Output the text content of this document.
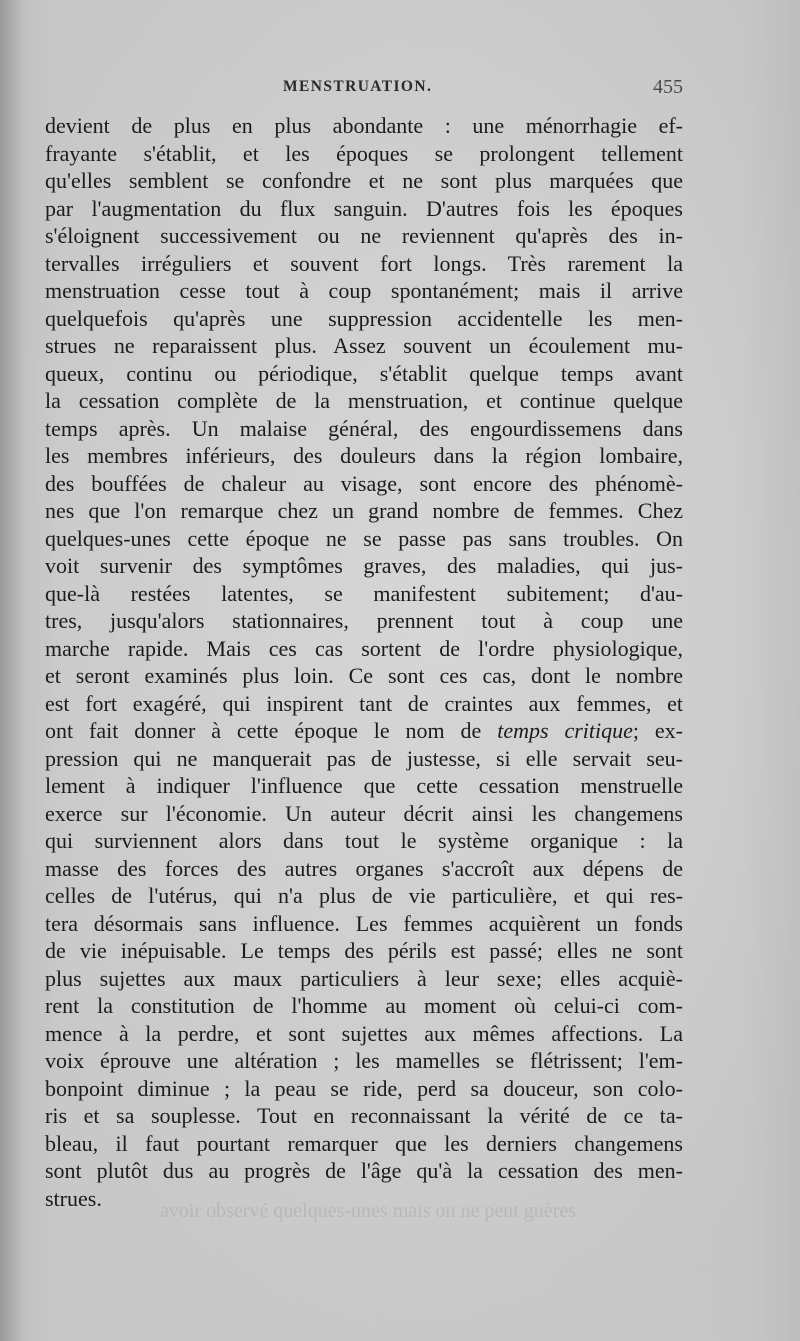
MENSTRUATION.	455
devient de plus en plus abondante : une ménorrhagie ef-
frayante s'établit, et les époques se prolongent tellement
qu'elles semblent se confondre et ne sont plus marquées que
par l'augmentation du flux sanguin. D'autres fois les époques
s'éloignent successivement ou ne reviennent qu'après des in-
tervalles irréguliers et souvent fort longs. Très rarement la
menstruation cesse tout à coup spontanément; mais il arrive
quelquefois qu'après une suppression accidentelle les men-
strues ne reparaissent plus. Assez souvent un écoulement mu-
queux, continu ou périodique, s'établit quelque temps avant
la cessation complète de la menstruation, et continue quelque
temps après. Un malaise général, des engourdissemens dans
les membres inférieurs, des douleurs dans la région lombaire,
des bouffées de chaleur au visage, sont encore des phénomè-
nes que l'on remarque chez un grand nombre de femmes. Chez
quelques-unes cette époque ne se passe pas sans troubles. On
voit survenir des symptômes graves, des maladies, qui jus-
que-là restées latentes, se manifestent subitement; d'au-
tres, jusqu'alors stationnaires, prennent tout à coup une
marche rapide. Mais ces cas sortent de l'ordre physiologique,
et seront examinés plus loin. Ce sont ces cas, dont le nombre
est fort exagéré, qui inspirent tant de craintes aux femmes, et
ont fait donner à cette époque le nom de temps critique; ex-
pression qui ne manquerait pas de justesse, si elle servait seu-
lement à indiquer l'influence que cette cessation menstruelle
exerce sur l'économie. Un auteur décrit ainsi les changemens
qui surviennent alors dans tout le système organique : la
masse des forces des autres organes s'accroît aux dépens de
celles de l'utérus, qui n'a plus de vie particulière, et qui res-
tera désormais sans influence. Les femmes acquièrent un fonds
de vie inépuisable. Le temps des périls est passé; elles ne sont
plus sujettes aux maux particuliers à leur sexe; elles acquiè-
rent la constitution de l'homme au moment où celui-ci com-
mence à la perdre, et sont sujettes aux mêmes affections. La
voix éprouve une altération ; les mamelles se flétrissent; l'em-
bonpoint diminue ; la peau se ride, perd sa douceur, son colo-
ris et sa souplesse. Tout en reconnaissant la vérité de ce ta-
bleau, il faut pourtant remarquer que les derniers changemens
sont plutôt dus au progrès de l'âge qu'à la cessation des men-
strues.
avoir observé quelques-unes mais on ne peut guères
